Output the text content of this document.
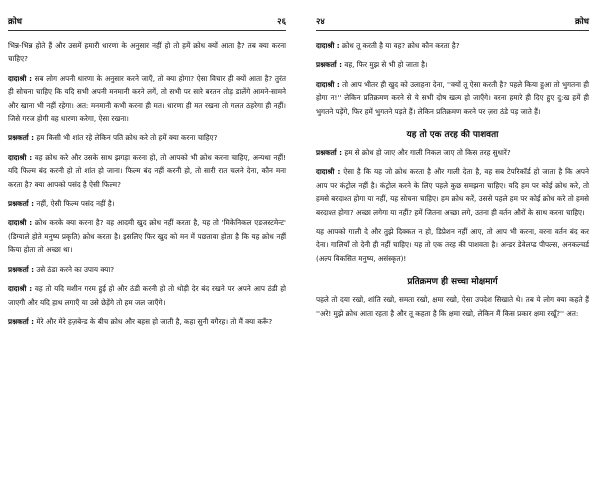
क्रोध	२६

भिन्न-भिन्न होते हैं और उसमें हमारी धारणा के अनुसार नहीं हो तो हमें क्रोध क्यों आता है? तब क्या करना चाहिए?

दादाश्री : सब लोग अपनी धारणा के अनुसार करने जाएँ, तो क्या होगा? ऐसा विचार ही क्यों आता है? तुरंत ही सोचना चाहिए कि यदि सभी अपनी मनमानी करने लगें, तो सभी पर सारे बरतन तोड़ डालेंगे आमने-सामने और खाना भी नहीं रहेगा। अत: मनमानी कभी करना ही मत। धारणा ही मत रखना तो गलत ठहरेगा ही नहीं। जिसे गरज होगी वह धारणा करेगा, ऐसा रखना।

प्रश्नकर्ता : हम किसी भी शांत रहे लेकिन पति क्रोध करे तो हमें क्या करना चाहिए?

दादाश्री : वह क्रोध करे और उसके साथ झगड़ा करना हो, तो आपको भी क्रोध करना चाहिए, अन्यथा नहीं! यदि फिल्म बंद करनी हो तो शांत हो जाना। फिल्म बंद नहीं करनी हो, तो सारी रात चलने देना, कौन मना करता है? क्या आपको पसंद है ऐसी फिल्म?

प्रश्नकर्ता : नहीं, ऐसी फिल्म पसंद नहीं है।

दादाश्री : क्रोध करके क्या करना है? वह आदमी खुद क्रोध नहीं करता है, यह तो 'मिकेनिकल एडजस्टमेन्ट' (डिग्याले होते मनुष्य प्रकृति) क्रोध करता है। इसलिए फिर खुद को मन में पछतावा होता है कि यह क्रोध नहीं किया होता तो अच्छा था।

प्रश्नकर्ता : उसे ठंडा करने का उपाय क्या?

दादाश्री : वह तो यदि मशीन गरम हुई हो और ठंडी करनी हो तो थोड़ी देर बंद रखने पर अपने आप ठंडी हो जाएगी और यदि हाथ लगाएँ या उसे छेड़ेंगे तो हम जल जाएँगे।

प्रश्नकर्ता : मेरे और मेरे हज़बेन्ड के बीच क्रोध और बहस हो जाती है, कहा सुनी वगैरह। तो मैं क्या करूँ?

२४	क्रोध

दादाश्री : क्रोध तू करती है या वह? क्रोध कौन करता है?

प्रश्नकर्ता : वह, फिर मुझ से भी हो जाता है।

दादाश्री : तो आप भीतर ही खुद को उलाहना देना, ''क्यों तू ऐसा करती है? पहले किया हुआ तो भुगतना ही होगा न!'' लेकिन प्रतिक्रमण करने से ये सभी दोष खत्म हो जाएँगे। वरना हमारे ही दिए हुए दु:ख हमें ही भुगतने पड़ेंगे, फिर हमें भुगतने पड़ते हैं। लेकिन प्रतिक्रमण करने पर ज़रा ठंडे पड़ जाते हैं।

यह तो एक तरह की पाशवता

प्रश्नकर्ता : हम से क्रोध हो जाए और गाली निकल जाए तो किस तरह सुधारें?

दादाश्री : ऐसा है कि यह जो क्रोध करता है और गाली देता है, वह सब टेपरिकॉर्ड हो जाता है कि अपने आप पर कंट्रोल नहीं है। कंट्रोल करने के लिए पहले कुछ समझना चाहिए। यदि हम पर कोई क्रोध करे, तो हमसे बरदाश्त होगा या नहीं, यह सोचना चाहिए। हम क्रोध करें, उससे पहले हम पर कोई क्रोध करे तो हमसे बरदाश्त होगा? अच्छा लगेगा या नहीं? हमें जितना अच्छा लगे, उतना ही वर्तन औरों के साथ करना चाहिए।

यह आपको गाली दे और तुझे दिक्कत न हो, डिप्रेशन नहीं आए, तो आप भी करना, वरना वर्तन बंद कर देना। गालियाँ तो देनी ही नहीं चाहिए। यह तो एक तरह की पाशवता है। अन्डर डेवेलप्ड पीपल्स, अनकल्चर्ड (अल्प विकसित मनुष्य, असंस्कृत)!

प्रतिक्रमण ही सच्चा मोक्षमार्ग

पहले तो दया रखो, शांति रखो, समता रखो, क्षमा रखो, ऐसा उपदेश सिखाते थे। तब ये लोग क्या कहते हैं ''अरे! मुझे क्रोध आता रहता है और तू कहता है कि क्षमा रखो, लेकिन मैं किस प्रकार क्षमा रखूँ?'' अत:
